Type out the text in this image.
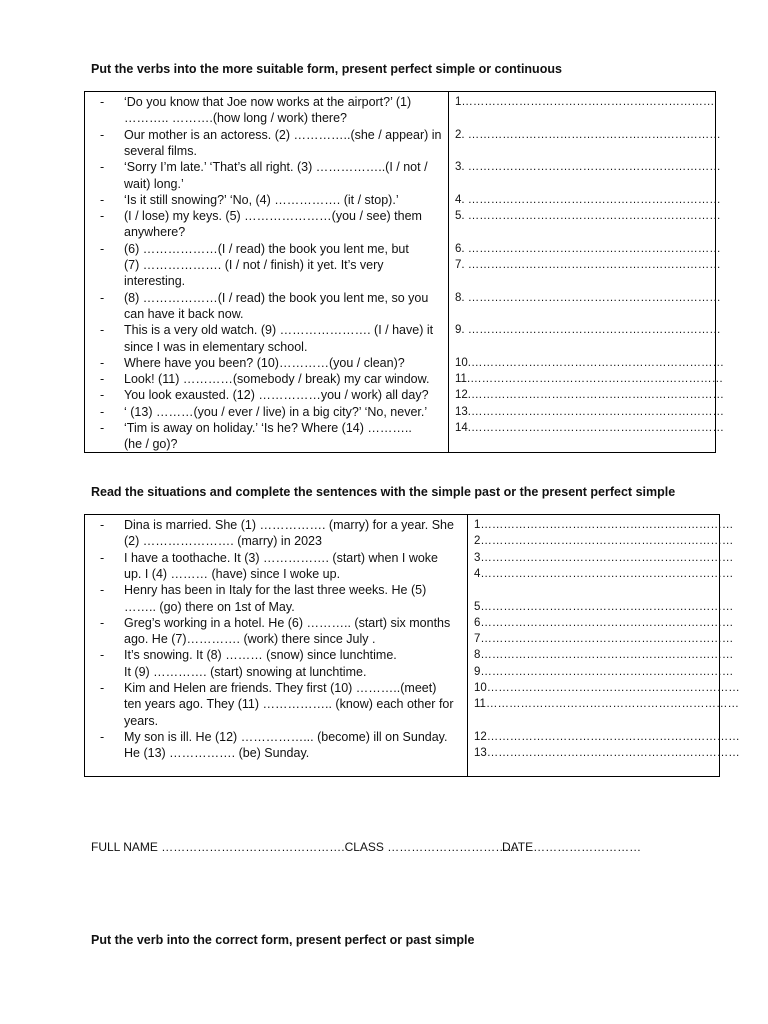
Put the verbs into the more suitable form, present perfect simple or continuous
- ‘Do you know that Joe now works at the airport?’ (1)
……….. ……….(how long / work) there?
- Our mother is an actoress. (2) …………..(she / appear) in
several films.
- ‘Sorry I’m late.’ ‘That’s all right. (3) ……………..(I / not /
wait) long.’
- ‘Is it still snowing?’ ‘No, (4) ……………. (it / stop).’
- (I / lose) my keys. (5) …………………(you / see) them
anywhere?
- (6) ………………(I / read) the book you lent me, but
(7) ………………. (I / not / finish) it yet. It’s very
interesting.
- (8) ………………(I / read) the book you lent me, so you
can have it back now.
- This is a very old watch. (9) …………………. (I / have) it
since I was in elementary school.
- Where have you been? (10)…………(you / clean)?
- Look! (11) …………(somebody / break) my car window.
- You look exausted. (12) ……………you / work) all day?
- ‘ (13) ………(you / ever / live) in a big city?’ ‘No, never.’
- ‘Tim is away on holiday.’ ‘Is he? Where (14) ………..
(he / go)?
1…………………………………………………………
2. …………………………………………………………
3. …………………………………………………………
4. …………………………………………………………
5. …………………………………………………………
6. …………………………………………………………
7. …………………………………………………………
8. …………………………………………………………
9. …………………………………………………………
10.…………………………………………………………
11.…………………………………………………………
12.…………………………………………………………
13.…………………………………………………………
14.…………………………………………………………
Read the situations and complete the sentences with the simple past or the present perfect simple
- Dina is married. She (1) ……………. (marry) for a year. She
(2) …………………. (marry) in 2023
- I have a toothache. It (3) ……………. (start) when I woke
up. I (4) ……… (have) since I woke up.
- Henry has been in Italy for the last three weeks. He (5)
…….. (go) there on 1st of May.
- Greg’s working in a hotel. He (6) ……….. (start) six months
ago. He (7)…………. (work) there since July .
- It’s snowing. It (8) ……… (snow) since lunchtime.
It (9) …………. (start) snowing at lunchtime.
- Kim and Helen are friends. They first (10) ………..(meet)
ten years ago. They (11) …………….. (know) each other for
years.
- My son is ill. He (12) ……………... (become) ill on Sunday.
He (13) ……………. (be) Sunday.
1…………………………………………………………
2…………………………………………………………
3…………………………………………………………
4…………………………………………………………
5…………………………………………………………
6…………………………………………………………
7…………………………………………………………
8…………………………………………………………
9…………………………………………………………
10…………………………………………………………
11…………………………………………………………
12…………………………………………………………
13…………………………………………………………
FULL NAME ……………………………………….CLASS ……………………………
DATE………………………
Put the verb into the correct form, present perfect or past simple
